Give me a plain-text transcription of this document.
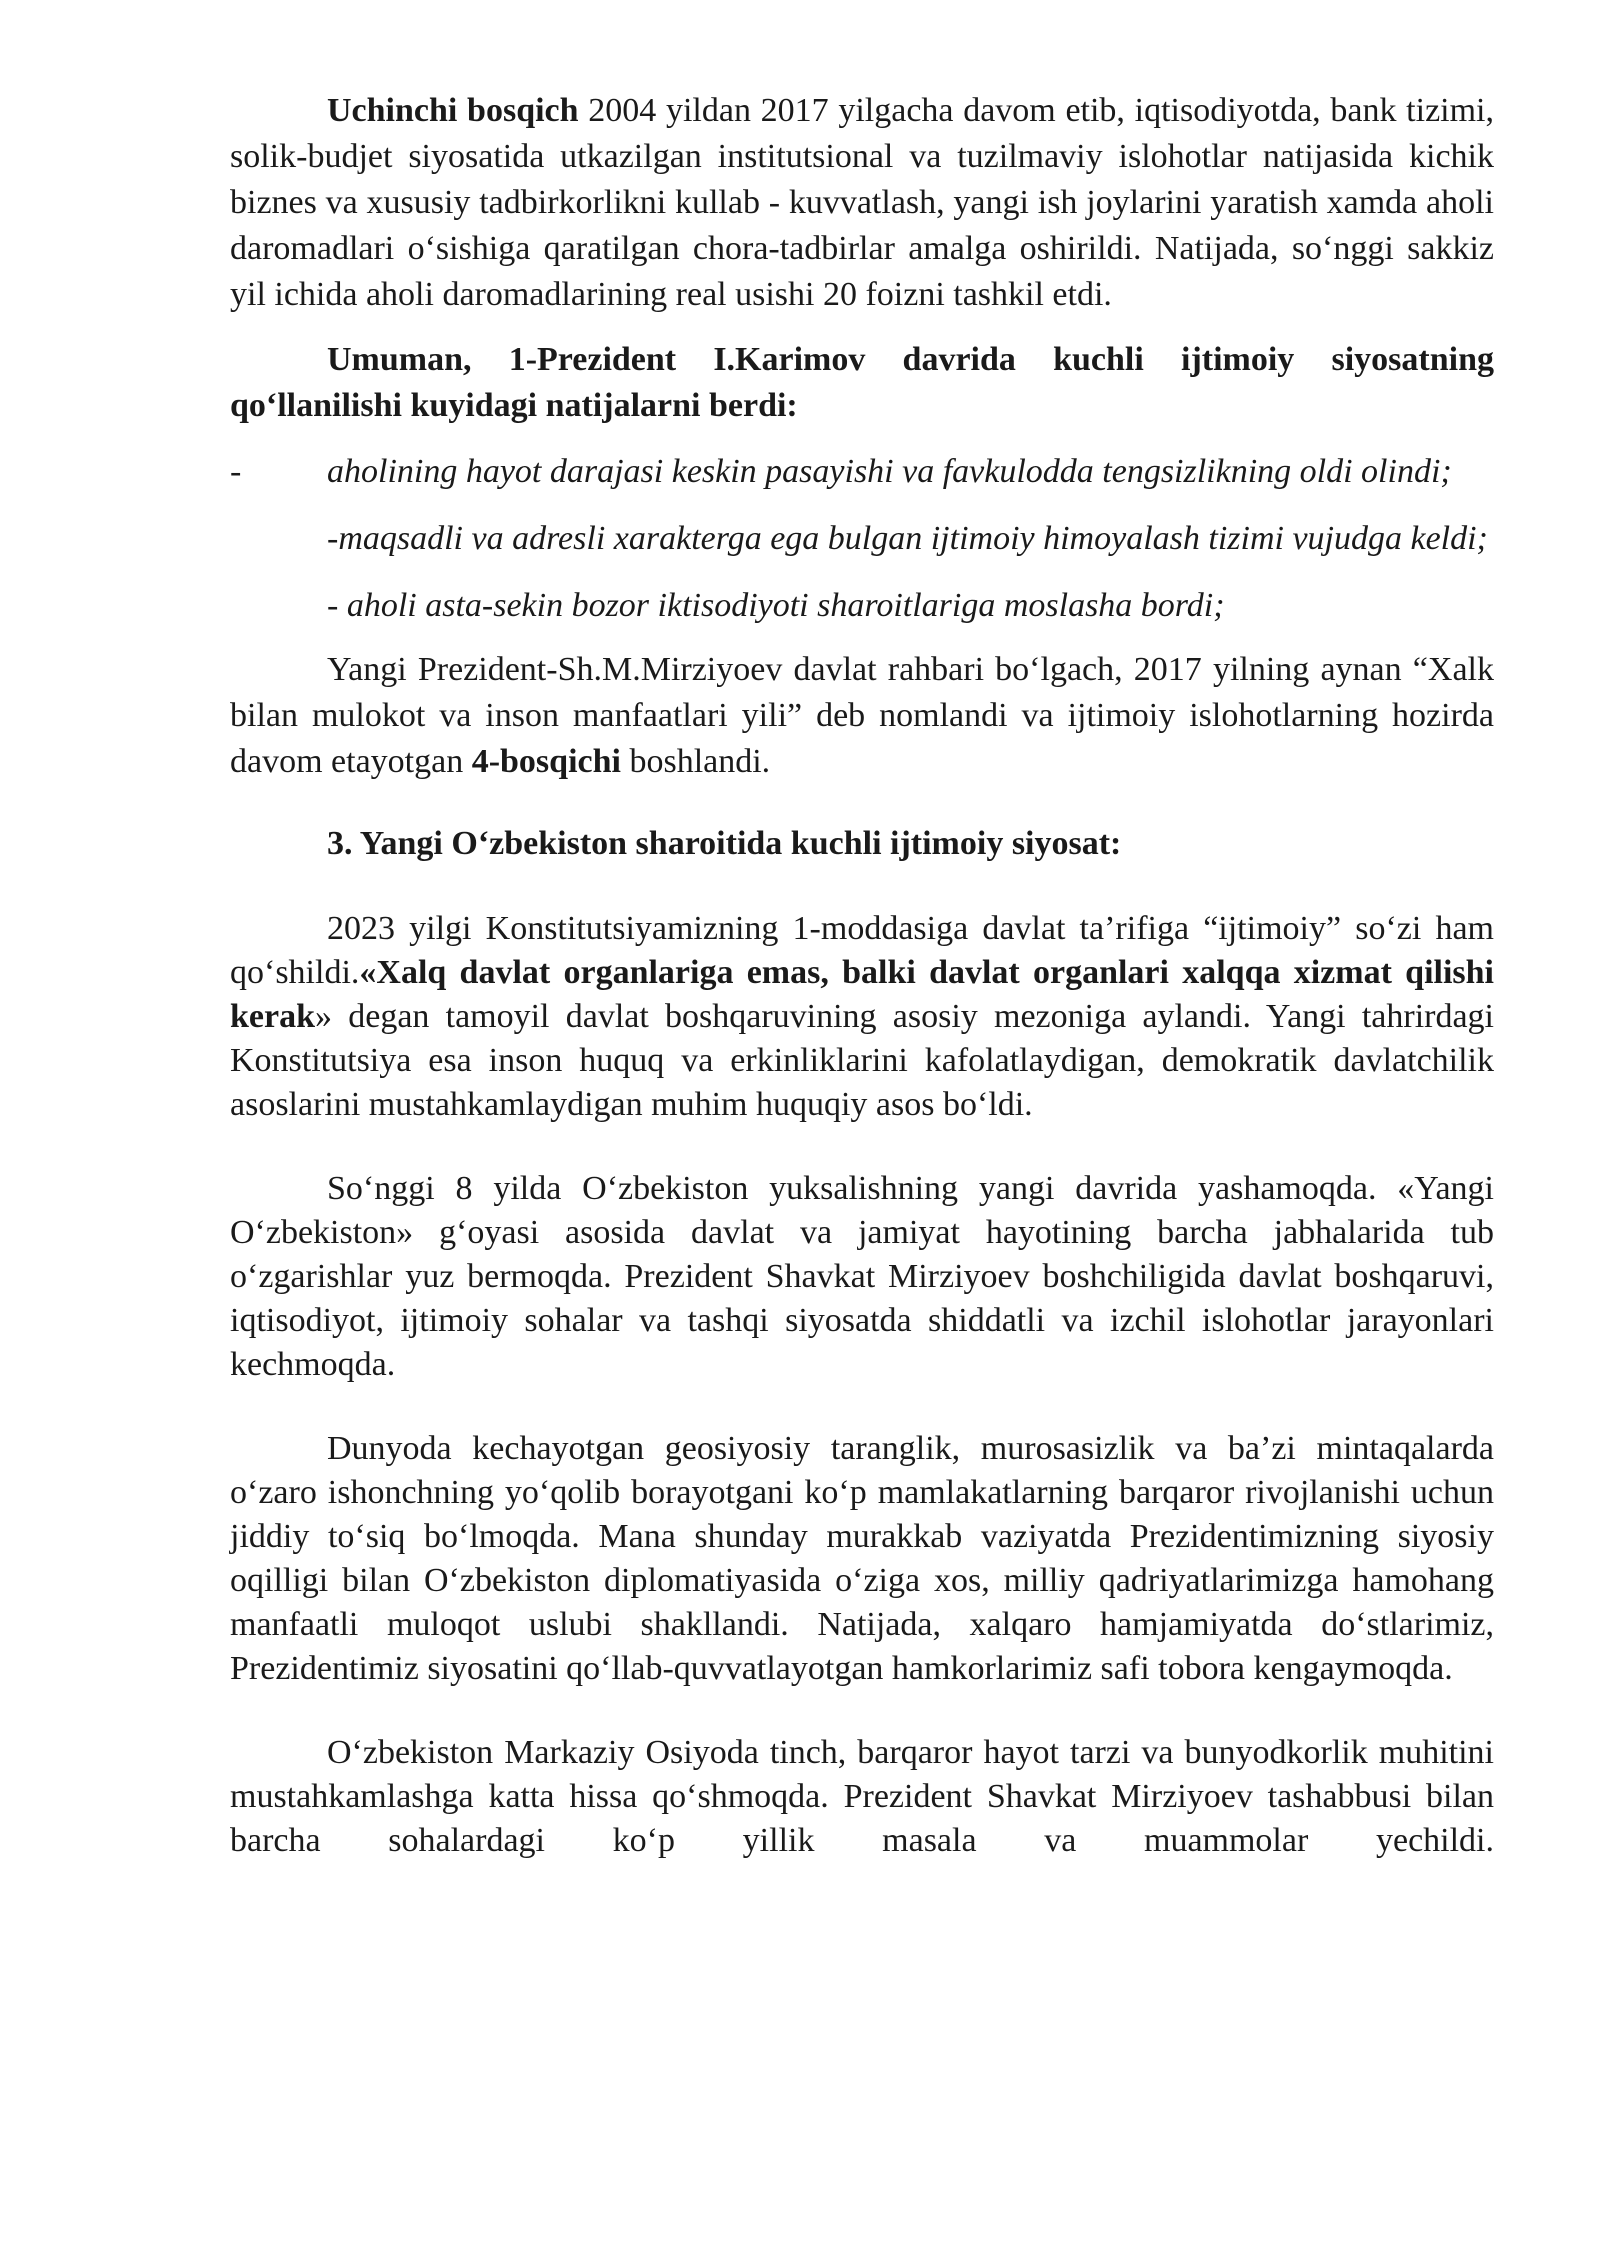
Uchinchi bosqich 2004 yildan 2017 yilgacha davom etib, iqtisodiyotda, bank tizimi, solik-budjet siyosatida utkazilgan institutsional va tuzilmaviy islohotlar natijasida kichik biznes va xususiy tadbirkorlikni kullab - kuvvatlash, yangi ish joylarini yaratish xamda aholi daromadlari o‘sishiga qaratilgan chora-tadbirlar amalga oshirildi. Natijada, so‘nggi sakkiz yil ichida aholi daromadlarining real usishi 20 foizni tashkil etdi.

Umuman, 1-Prezident I.Karimov davrida kuchli ijtimoiy siyosatning qo‘llanilishi kuyidagi natijalarni berdi:

-	aholining hayot darajasi keskin pasayishi va favkulodda tengsizlikning oldi olindi;

-maqsadli va adresli xarakterga ega bulgan ijtimoiy himoyalash tizimi vujudga keldi;

- aholi asta-sekin bozor iktisodiyoti sharoitlariga moslasha bordi;

Yangi Prezident-Sh.M.Mirziyoev davlat rahbari bo‘lgach, 2017 yilning aynan “Xalk bilan mulokot va inson manfaatlari yili” deb nomlandi va ijtimoiy islohotlarning hozirda davom etayotgan 4-bosqichi boshlandi.

3. Yangi O‘zbekiston sharoitida kuchli ijtimoiy siyosat:

2023 yilgi Konstitutsiyamizning 1-moddasiga davlat ta’rifiga “ijtimoiy” so‘zi ham qo‘shildi.«Xalq davlat organlariga emas, balki davlat organlari xalqqa xizmat qilishi kerak» degan tamoyil davlat boshqaruvining asosiy mezoniga aylandi. Yangi tahrirdagi Konstitutsiya esa inson huquq va erkinliklarini kafolatlaydigan, demokratik davlatchilik asoslarini mustahkamlaydigan muhim huquqiy asos bo‘ldi.

So‘nggi 8 yilda O‘zbekiston yuksalishning yangi davrida yashamoqda. «Yangi O‘zbekiston» g‘oyasi asosida davlat va jamiyat hayotining barcha jabhalarida tub o‘zgarishlar yuz bermoqda. Prezident Shavkat Mirziyoev boshchiligida davlat boshqaruvi, iqtisodiyot, ijtimoiy sohalar va tashqi siyosatda shiddatli va izchil islohotlar jarayonlari kechmoqda.

Dunyoda kechayotgan geosiyosiy taranglik, murosasizlik va ba’zi mintaqalarda o‘zaro ishonchning yo‘qolib borayotgani ko‘p mamlakatlarning barqaror rivojlanishi uchun jiddiy to‘siq bo‘lmoqda. Mana shunday murakkab vaziyatda Prezidentimizning siyosiy oqilligi bilan O‘zbekiston diplomatiyasida o‘ziga xos, milliy qadriyatlarimizga hamohang manfaatli muloqot uslubi shakllandi. Natijada, xalqaro hamjamiyatda do‘stlarimiz, Prezidentimiz siyosatini qo‘llab-quvvatlayotgan hamkorlarimiz safi tobora kengaymoqda.

O‘zbekiston Markaziy Osiyoda tinch, barqaror hayot tarzi va bunyodkorlik muhitini mustahkamlashga katta hissa qo‘shmoqda. Prezident Shavkat Mirziyoev tashabbusi bilan barcha sohalardagi ko‘p yillik masala va muammolar yechildi.
